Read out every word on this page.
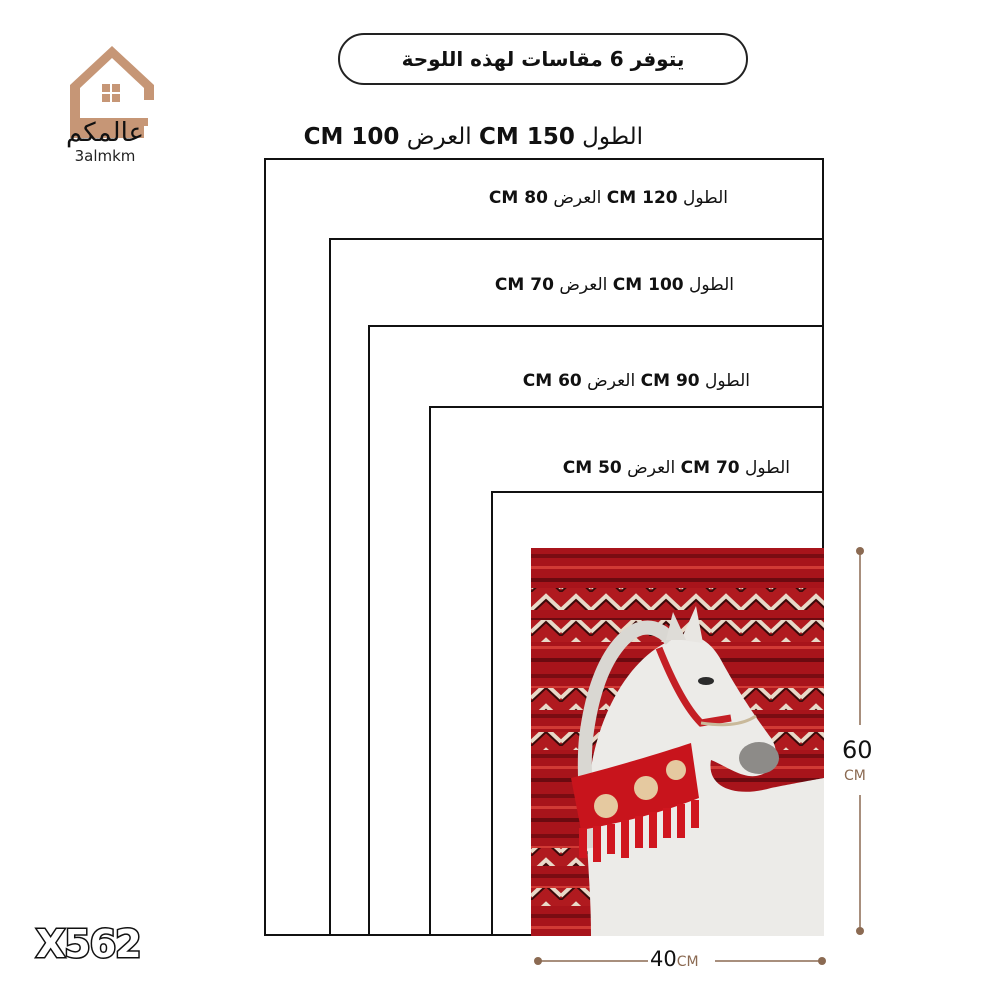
عالمكم
3almkm
يتوفر 6 مقاسات لهذه اللوحة
الطول 150 CM العرض 100 CM
الطول 120 CM العرض 80 CM
الطول 100 CM العرض 70 CM
الطول 90 CM العرض 60 CM
الطول 70 CM العرض 50 CM
60
CM
40CM
X562
